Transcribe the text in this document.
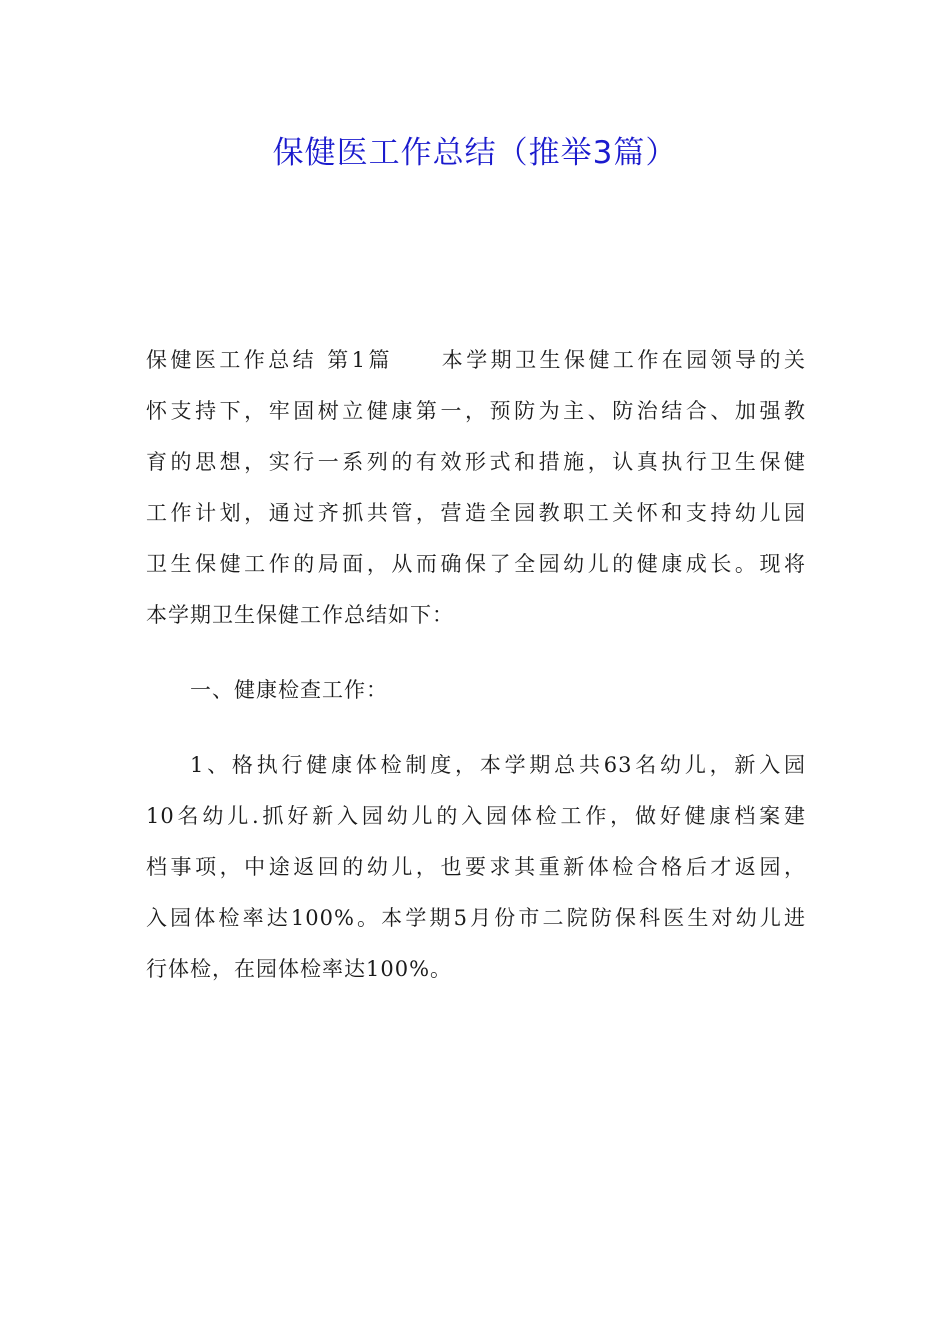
保健医工作总结（推举3篇）
保健医工作总结 第1篇　　本学期卫生保健工作在园领导的关
怀支持下，牢固树立健康第一，预防为主、防治结合、加强教
育的思想，实行一系列的有效形式和措施，认真执行卫生保健
工作计划，通过齐抓共管，营造全园教职工关怀和支持幼儿园
卫生保健工作的局面，从而确保了全园幼儿的健康成长。现将
本学期卫生保健工作总结如下：
一、健康检查工作：
1、格执行健康体检制度，本学期总共63名幼儿，新入园
10名幼儿.抓好新入园幼儿的入园体检工作，做好健康档案建
档事项，中途返回的幼儿，也要求其重新体检合格后才返园，
入园体检率达100%。本学期5月份市二院防保科医生对幼儿进
行体检，在园体检率达100%。
